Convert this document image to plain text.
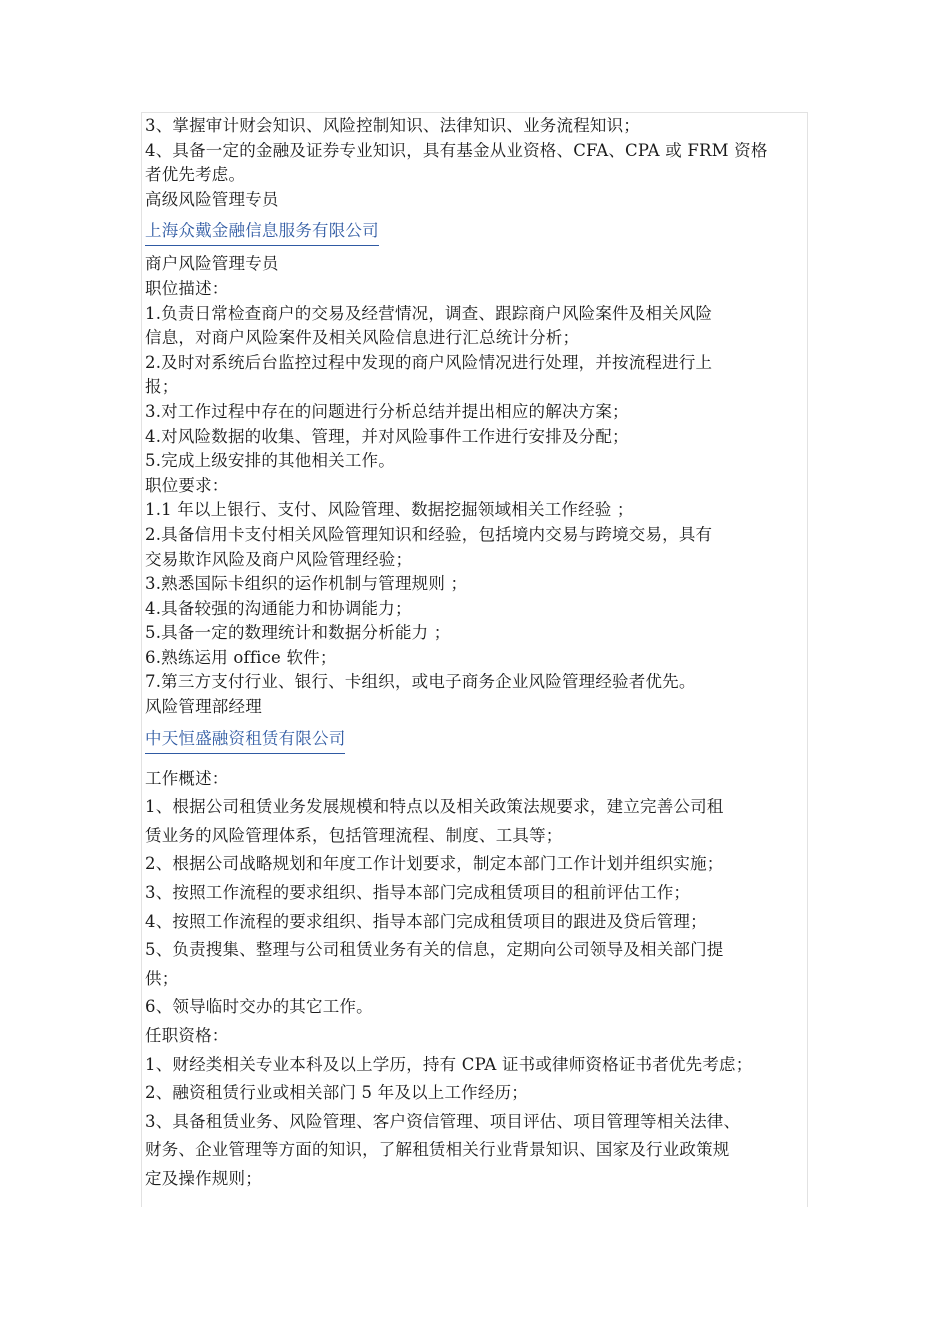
3、掌握审计财会知识、风险控制知识、法律知识、业务流程知识；
4、具备一定的金融及证券专业知识，具有基金从业资格、CFA、CPA 或 FRM 资格
者优先考虑。
高级风险管理专员
上海众戴金融信息服务有限公司
商户风险管理专员
职位描述：
1.负责日常检查商户的交易及经营情况，调查、跟踪商户风险案件及相关风险
信息，对商户风险案件及相关风险信息进行汇总统计分析；
2.及时对系统后台监控过程中发现的商户风险情况进行处理，并按流程进行上
报；
3.对工作过程中存在的问题进行分析总结并提出相应的解决方案；
4.对风险数据的收集、管理，并对风险事件工作进行安排及分配；
5.完成上级安排的其他相关工作。
职位要求：
1.1 年以上银行、支付、风险管理、数据挖掘领域相关工作经验 ；
2.具备信用卡支付相关风险管理知识和经验，包括境内交易与跨境交易，具有
交易欺诈风险及商户风险管理经验；
3.熟悉国际卡组织的运作机制与管理规则 ；
4.具备较强的沟通能力和协调能力；
5.具备一定的数理统计和数据分析能力 ；
6.熟练运用 office 软件；
7.第三方支付行业、银行、卡组织，或电子商务企业风险管理经验者优先。
风险管理部经理
中天恒盛融资租赁有限公司
工作概述：
1、根据公司租赁业务发展规模和特点以及相关政策法规要求，建立完善公司租
赁业务的风险管理体系，包括管理流程、制度、工具等；
2、根据公司战略规划和年度工作计划要求，制定本部门工作计划并组织实施；
3、按照工作流程的要求组织、指导本部门完成租赁项目的租前评估工作；
4、按照工作流程的要求组织、指导本部门完成租赁项目的跟进及贷后管理；
5、负责搜集、整理与公司租赁业务有关的信息，定期向公司领导及相关部门提
供；
6、领导临时交办的其它工作。
任职资格：
1、财经类相关专业本科及以上学历，持有 CPA 证书或律师资格证书者优先考虑；
2、融资租赁行业或相关部门 5 年及以上工作经历；
3、具备租赁业务、风险管理、客户资信管理、项目评估、项目管理等相关法律、
财务、企业管理等方面的知识，了解租赁相关行业背景知识、国家及行业政策规
定及操作规则；
